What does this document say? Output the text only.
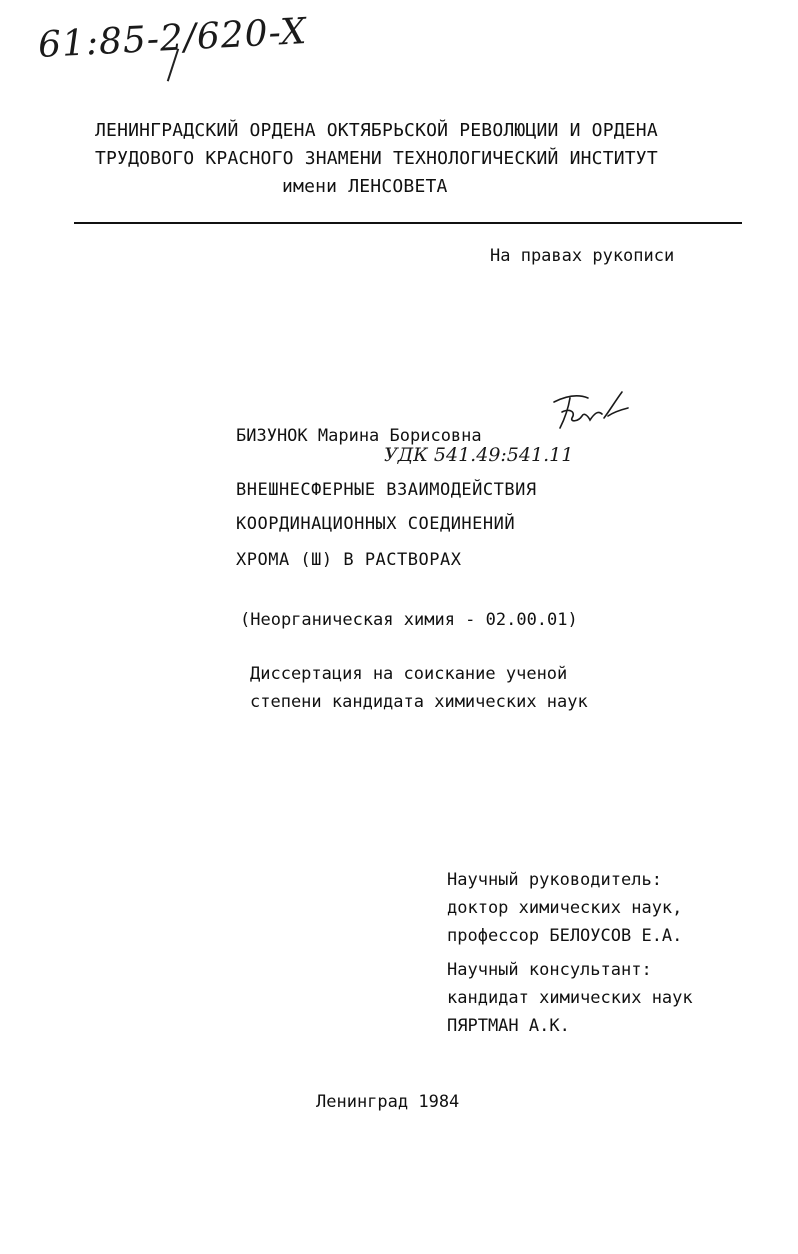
61:85-2/620-X
ЛЕНИНГРАДСКИЙ ОРДЕНА ОКТЯБРЬСКОЙ РЕВОЛЮЦИИ И ОРДЕНА
ТРУДОВОГО КРАСНОГО ЗНАМЕНИ ТЕХНОЛОГИЧЕСКИЙ ИНСТИТУТ
имени ЛЕНСОВЕТА
На правах рукописи
БИЗУНОК Марина Борисовна
УДК 541.49:541.11
ВНЕШНЕСФЕРНЫЕ ВЗАИМОДЕЙСТВИЯ
КООРДИНАЦИОННЫХ СОЕДИНЕНИЙ
ХРОМА (Ш) В РАСТВОРАХ
(Неорганическая химия - 02.00.01)
Диссертация на соискание ученой
степени кандидата химических наук
Научный руководитель:
доктор химических наук,
профессор БЕЛОУСОВ Е.А.
Научный консультант:
кандидат химических наук
ПЯРТМАН А.К.
Ленинград 1984
